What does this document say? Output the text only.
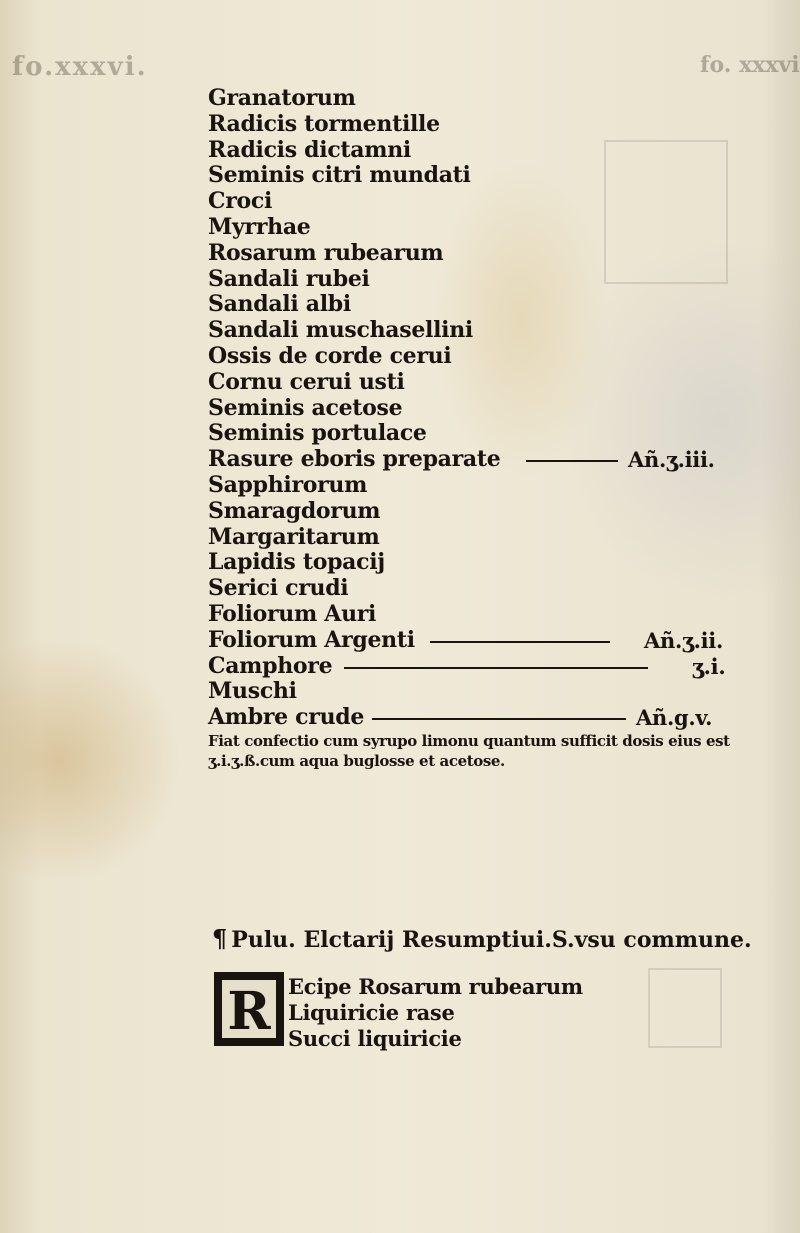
fo.xxxvi.	fo. xxxvi
Granatorum
Radicis tormentille
Radicis dictamni
Seminis citri mundati
Croci
Myrrhae
Rosarum rubearum
Sandali rubei
Sandali albi
Sandali muschasellini
Ossis de corde cerui
Cornu cerui usti
Seminis acetose
Seminis portulace
Rasure eboris preparate	Añ.ʒ.iii.
Sapphirorum
Smaragdorum
Margaritarum
Lapidis topacij
Serici crudi
Foliorum Auri
Foliorum Argenti	Añ.ʒ.ii.
Camphore	ʒ.i.
Muschi
Ambre crude	Añ.g.v.
Fiat confectio cum syrupo limonu quantum sufficit dosis eius est
ʒ.i.ʒ.ß.cum aqua buglosse et acetose.
¶ Pulu. Elctarij Resumptiui.S.vsu commune.
R Ecipe Rosarum rubearum
Liquiricie rase
Succi liquiricie
